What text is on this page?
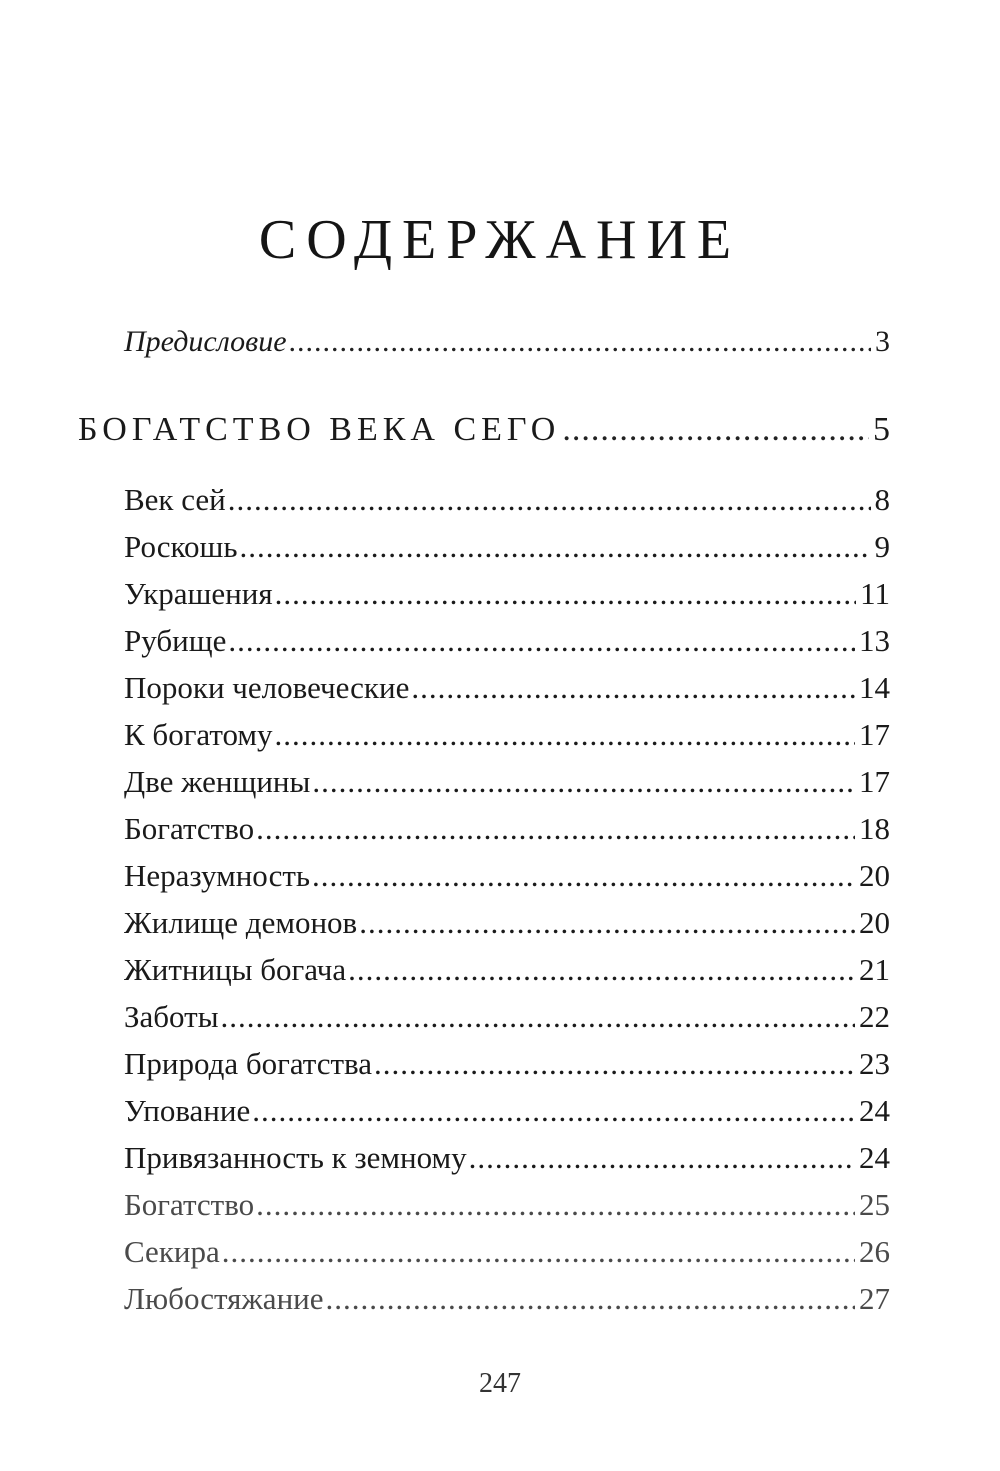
СОДЕРЖАНИЕ
Предисловие .....	3
БОГАТСТВО ВЕКА СЕГО .....	5
Век сей .....	8
Роскошь .....	9
Украшения .....	11
Рубище .....	13
Пороки человеческие .....	14
К богатому .....	17
Две женщины .....	17
Богатство .....	18
Неразумность .....	20
Жилище демонов .....	20
Житницы богача .....	21
Заботы .....	22
Природа богатства .....	23
Упование .....	24
Привязанность к земному .....	24
Богатство .....	25
Секира .....	26
Любостяжание .....	27
247
